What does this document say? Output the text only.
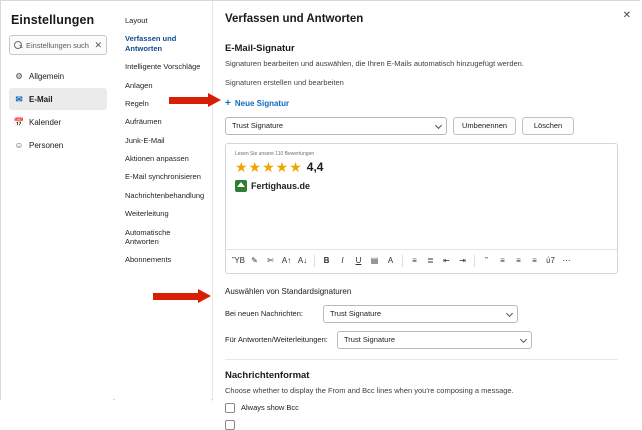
Einstellungen
Einstellungen such ✕
⚙ Allgemein
✉ E-Mail
📅 Kalender
☺ Personen
Layout
Verfassen und Antworten
Intelligente Vorschläge
Anlagen
Regeln
Aufräumen
Junk-E-Mail
Aktionen anpassen
E-Mail synchronisieren
Nachrichtenbehandlung
Weiterleitung
Automatische Antworten
Abonnements
Verfassen und Antworten	✕
E-Mail-Signatur
Signaturen bearbeiten und auswählen, die Ihren E-Mails automatisch hinzugefügt werden.
Signaturen erstellen und bearbeiten
+ Neue Signatur
Trust Signature	Umbenennen	Löschen
Lesen Sie unsere 110 Bewertungen
★★★★★ 4,4
Fertighaus.de
ὛB ✎	✄ A↑ A↓	B	I	U	▤	A	≡	≣	⇤	⇥	”	≡	≡	≡	ὑ7 ⋯
Auswählen von Standardsignaturen
Bei neuen Nachrichten:	Trust Signature
Für Antworten/Weiterleitungen:	Trust Signature
Nachrichtenformat
Choose whether to display the From and Bcc lines when you're composing a message.
Always show Bcc
